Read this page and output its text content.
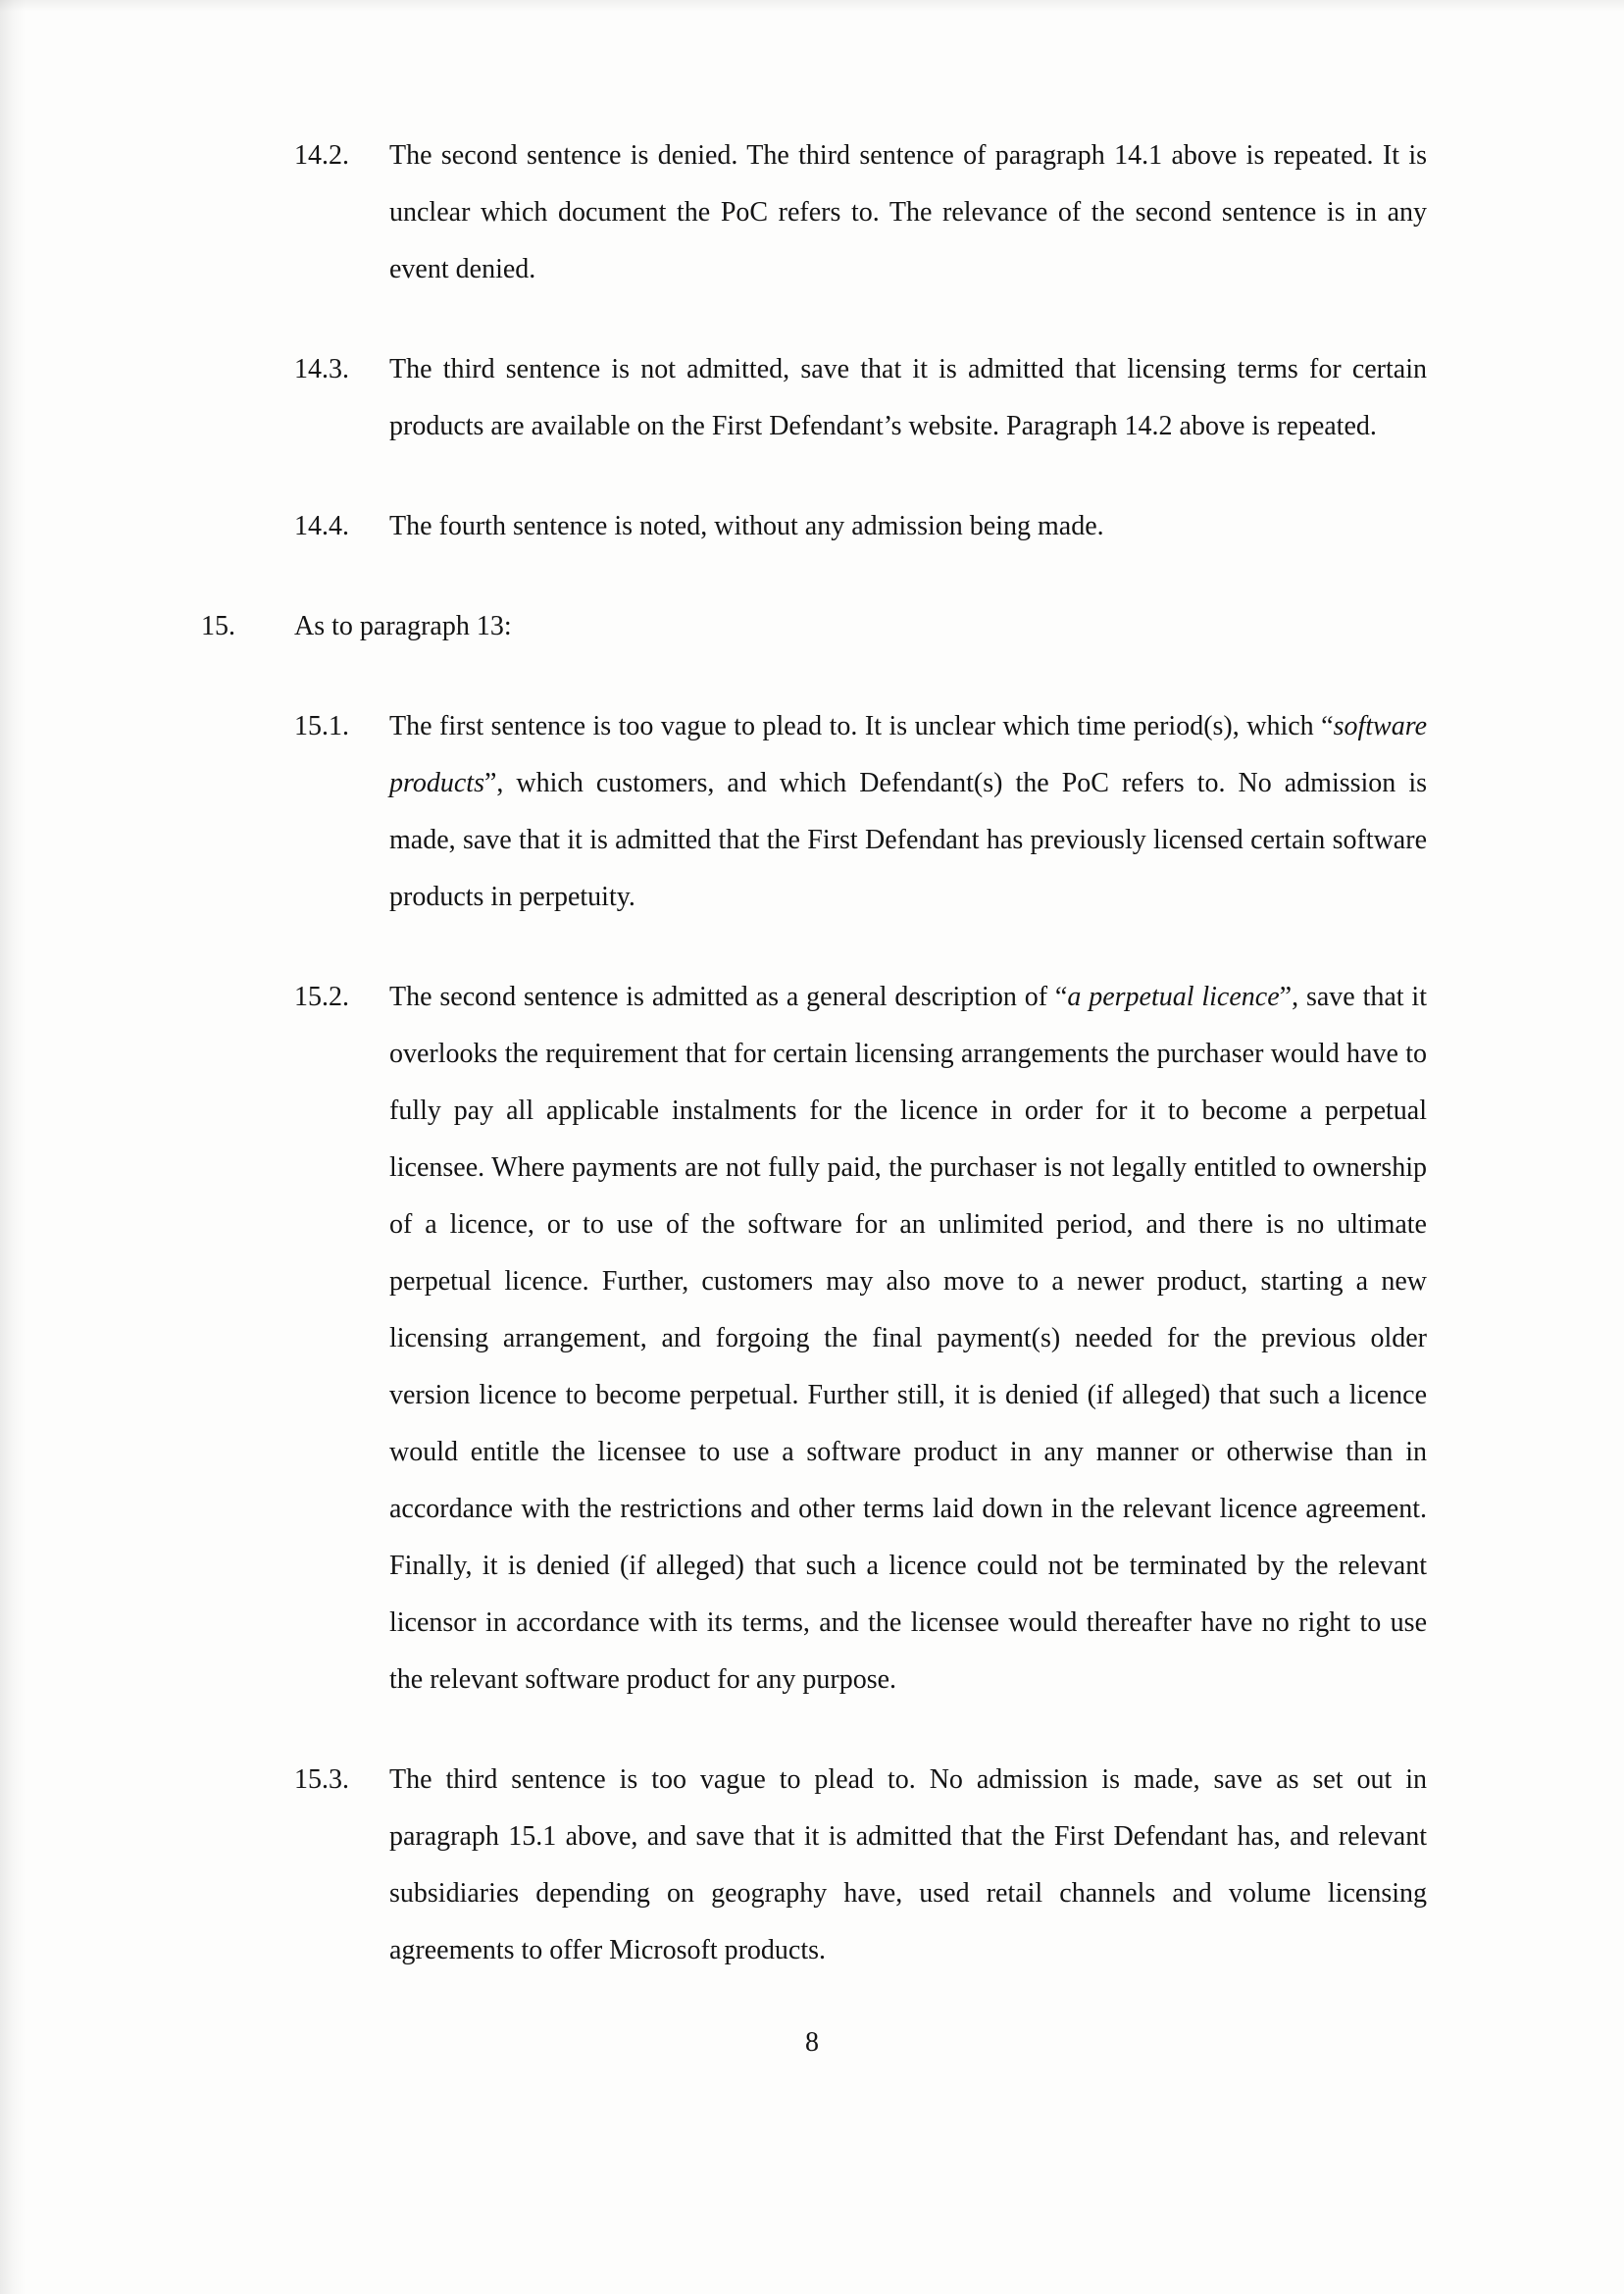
14.2. The second sentence is denied. The third sentence of paragraph 14.1 above is repeated. It is unclear which document the PoC refers to. The relevance of the second sentence is in any event denied.
14.3. The third sentence is not admitted, save that it is admitted that licensing terms for certain products are available on the First Defendant’s website. Paragraph 14.2 above is repeated.
14.4. The fourth sentence is noted, without any admission being made.
15. As to paragraph 13:
15.1. The first sentence is too vague to plead to. It is unclear which time period(s), which “software products”, which customers, and which Defendant(s) the PoC refers to. No admission is made, save that it is admitted that the First Defendant has previously licensed certain software products in perpetuity.
15.2. The second sentence is admitted as a general description of “a perpetual licence”, save that it overlooks the requirement that for certain licensing arrangements the purchaser would have to fully pay all applicable instalments for the licence in order for it to become a perpetual licensee. Where payments are not fully paid, the purchaser is not legally entitled to ownership of a licence, or to use of the software for an unlimited period, and there is no ultimate perpetual licence. Further, customers may also move to a newer product, starting a new licensing arrangement, and forgoing the final payment(s) needed for the previous older version licence to become perpetual. Further still, it is denied (if alleged) that such a licence would entitle the licensee to use a software product in any manner or otherwise than in accordance with the restrictions and other terms laid down in the relevant licence agreement. Finally, it is denied (if alleged) that such a licence could not be terminated by the relevant licensor in accordance with its terms, and the licensee would thereafter have no right to use the relevant software product for any purpose.
15.3. The third sentence is too vague to plead to. No admission is made, save as set out in paragraph 15.1 above, and save that it is admitted that the First Defendant has, and relevant subsidiaries depending on geography have, used retail channels and volume licensing agreements to offer Microsoft products.
8
